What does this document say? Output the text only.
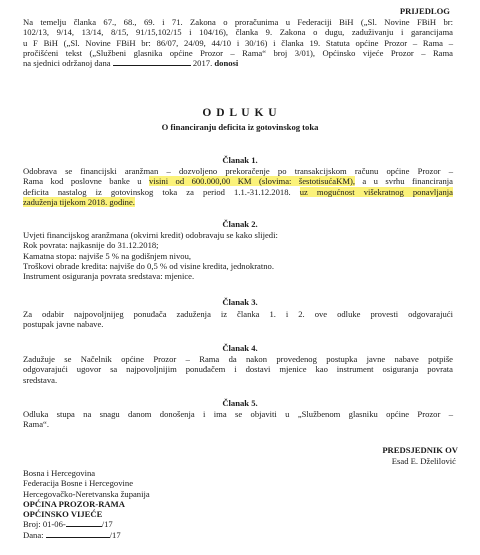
PRIJEDLOG
Na temelju članka 67., 68., 69. i 71. Zakona o proračunima u Federaciji BiH („Sl. Novine FBiH br:
102/13, 9/14, 13/14, 8/15, 91/15,102/15 i 104/16), članka 9. Zakona o dugu, zaduživanju i garancijama
u F BiH („Sl. Novine FBiH br: 86/07, 24/09, 44/10 i 30/16) i članka 19. Statuta općine Prozor – Rama –
pročišćeni tekst („Službeni glasnika općine Prozor – Rama“ broj 3/01), Općinsko vijeće Prozor – Rama
na sjednici održanoj dana	2017. donosi
O D L U K U
O financiranju deficita iz gotovinskog toka
Članak 1.
Odobrava se financijski aranžman – dozvoljeno prekoračenje po transakcijskom računu općine Prozor –
Rama kod poslovne banke u visini od 600.000,00 KM (slovima: šestotisućaKM), a u svrhu financiranja
deficita nastalog iz gotovinskog toka za period 1.1.-31.12.2018. uz mogućnost višekratnog ponavljanja
zaduženja tijekom 2018. godine.
Članak 2.
Uvjeti financijskog aranžmana (okvirni kredit) odobravaju se kako slijedi:
Rok povrata: najkasnije do 31.12.2018;
Kamatna stopa: najviše 5 % na godišnjem nivou,
Troškovi obrade kredita: najviše do 0,5 % od visine kredita, jednokratno.
Instrument osiguranja povrata sredstava: mjenice.
Članak 3.
Za odabir najpovoljnijeg ponuđača zaduženja iz članka 1. i 2. ove odluke provesti odgovarajući
postupak javne nabave.
Članak 4.
Zadužuje se Načelnik općine Prozor – Rama da nakon provedenog postupka javne nabave potpiše
odgovarajući ugovor sa najpovoljnijim ponuđačem i dostavi mjenice kao instrument osiguranja povrata
sredstava.
Članak 5.
Odluka stupa na snagu danom donošenja i ima se objaviti u „Službenom glasniku općine Prozor –
Rama“.
PREDSJEDNIK OV
Esad E. Dželilović
Bosna i Hercegovina
Federacija Bosne i Hercegovine
Hercegovačko-Neretvanska županija
OPĆINA PROZOR-RAMA
OPĆINSKO VIJEĆE
Broj: 01-06-	/17
Dana:	/17
